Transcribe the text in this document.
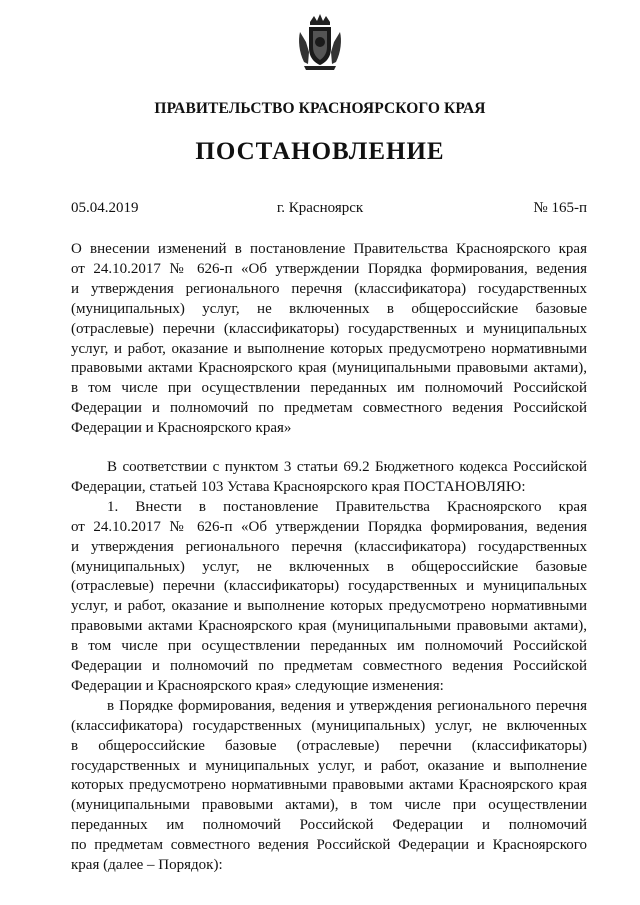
ПРАВИТЕЛЬСТВО КРАСНОЯРСКОГО КРАЯ
ПОСТАНОВЛЕНИЕ
05.04.2019	г. Красноярск	№ 165-п
О внесении изменений в постановление Правительства Красноярского края
от 24.10.2017 № 626-п «Об утверждении Порядка формирования, ведения
и утверждения регионального перечня (классификатора) государственных
(муниципальных) услуг, не включенных в общероссийские базовые
(отраслевые) перечни (классификаторы) государственных и муниципальных
услуг, и работ, оказание и выполнение которых предусмотрено нормативными
правовыми актами Красноярского края (муниципальными правовыми актами),
в том числе при осуществлении переданных им полномочий Российской
Федерации и полномочий по предметам совместного ведения Российской
Федерации и Красноярского края»
В соответствии с пунктом 3 статьи 69.2 Бюджетного кодекса Российской
Федерации, статьей 103 Устава Красноярского края ПОСТАНОВЛЯЮ:
1. Внести в постановление Правительства Красноярского края
от 24.10.2017 № 626-п «Об утверждении Порядка формирования, ведения
и утверждения регионального перечня (классификатора) государственных
(муниципальных) услуг, не включенных в общероссийские базовые
(отраслевые) перечни (классификаторы) государственных и муниципальных
услуг, и работ, оказание и выполнение которых предусмотрено нормативными
правовыми актами Красноярского края (муниципальными правовыми актами),
в том числе при осуществлении переданных им полномочий Российской
Федерации и полномочий по предметам совместного ведения Российской
Федерации и Красноярского края» следующие изменения:
в Порядке формирования, ведения и утверждения регионального перечня
(классификатора) государственных (муниципальных) услуг, не включенных
в общероссийские базовые (отраслевые) перечни (классификаторы)
государственных и муниципальных услуг, и работ, оказание и выполнение
которых предусмотрено нормативными правовыми актами Красноярского края
(муниципальными правовыми актами), в том числе при осуществлении
переданных им полномочий Российской Федерации и полномочий
по предметам совместного ведения Российской Федерации и Красноярского
края (далее – Порядок):
